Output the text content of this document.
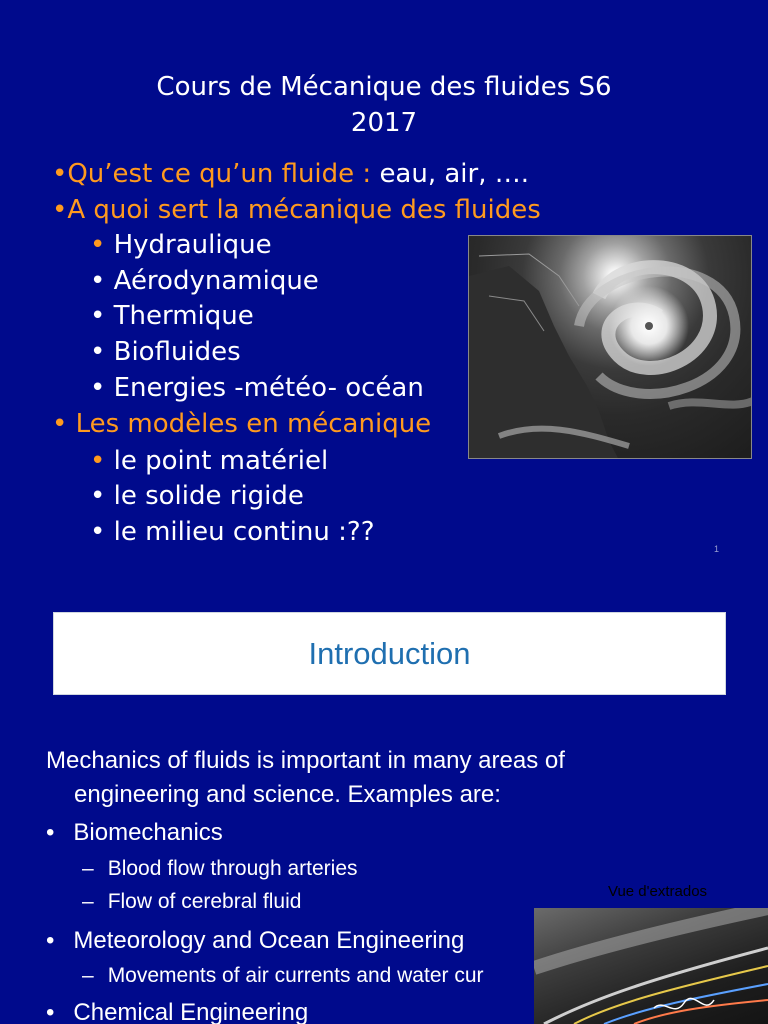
Cours de Mécanique des fluides S6
2017
•Qu’est ce qu’un fluide : eau, air, ….
•A quoi sert la mécanique des fluides
• Hydraulique
• Aérodynamique
• Thermique
• Biofluides
• Energies -météo- océan
• Les modèles en mécanique
• le point matériel
• le solide rigide
• le milieu continu :??
1
Introduction
Mechanics of fluids is important in many areas of
engineering and science. Examples are:
• Biomechanics
– Blood flow through arteries
– Flow of cerebral fluid
• Meteorology and Ocean Engineering
– Movements of air currents and water cur
• Chemical Engineering
Vue d'extrados
